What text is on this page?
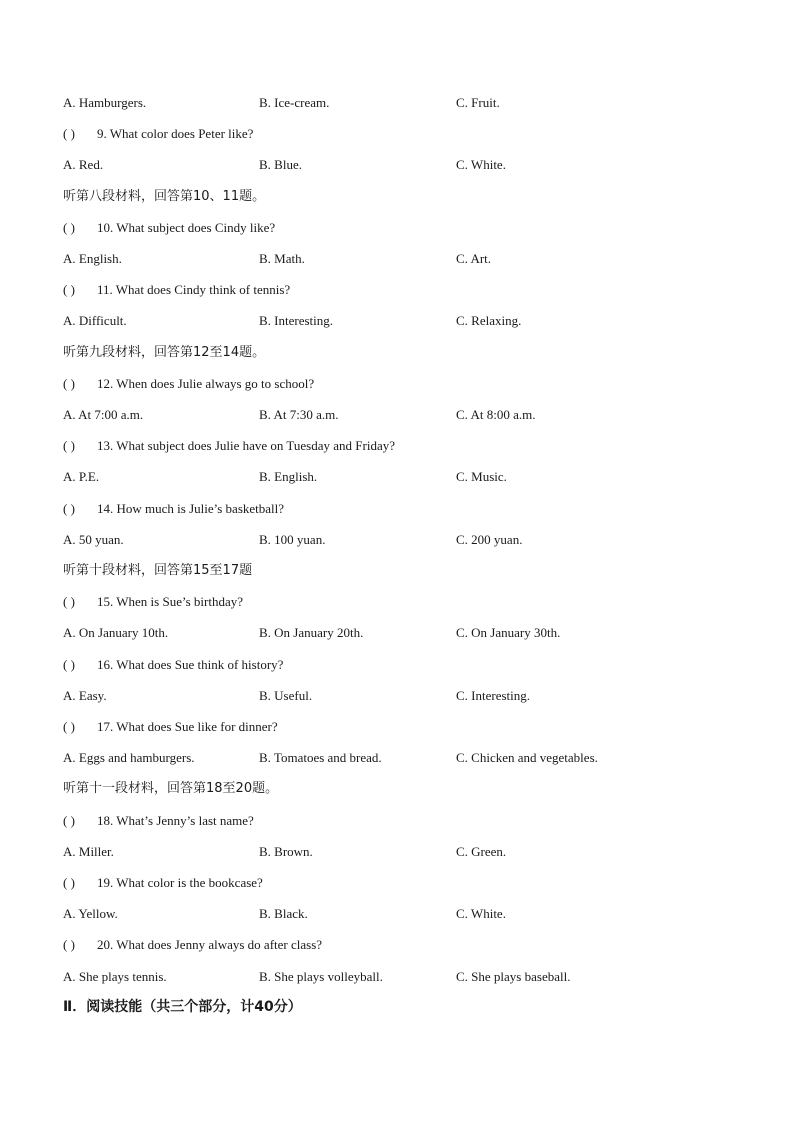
A. Hamburgers.	B. Ice-cream.	C. Fruit.
( ) 9. What color does Peter like?
A. Red.	B. Blue.	C. White.
听第八段材料，回答第10、11题。
( ) 10. What subject does Cindy like?
A. English.	B. Math.	C. Art.
( ) 11. What does Cindy think of tennis?
A. Difficult.	B. Interesting.	C. Relaxing.
听第九段材料，回答第12至14题。
( ) 12. When does Julie always go to school?
A. At 7:00 a.m.	B. At 7:30 a.m.	C. At 8:00 a.m.
( ) 13. What subject does Julie have on Tuesday and Friday?
A. P.E.	B. English.	C. Music.
( ) 14. How much is Julie’s basketball?
A. 50 yuan.	B. 100 yuan.	C. 200 yuan.
听第十段材料，回答第15至17题
( ) 15. When is Sue’s birthday?
A. On January 10th.	B. On January 20th.	C. On January 30th.
( ) 16. What does Sue think of history?
A. Easy.	B. Useful.	C. Interesting.
( ) 17. What does Sue like for dinner?
A. Eggs and hamburgers.	B. Tomatoes and bread.	C. Chicken and vegetables.
听第十一段材料，回答第18至20题。
( ) 18. What’s Jenny’s last name?
A. Miller.	B. Brown.	C. Green.
( ) 19. What color is the bookcase?
A. Yellow.	B. Black.	C. White.
( ) 20. What does Jenny always do after class?
A. She plays tennis.	B. She plays volleyball.	C. She plays baseball.
Ⅱ．阅读技能（共三个部分，计40分）
